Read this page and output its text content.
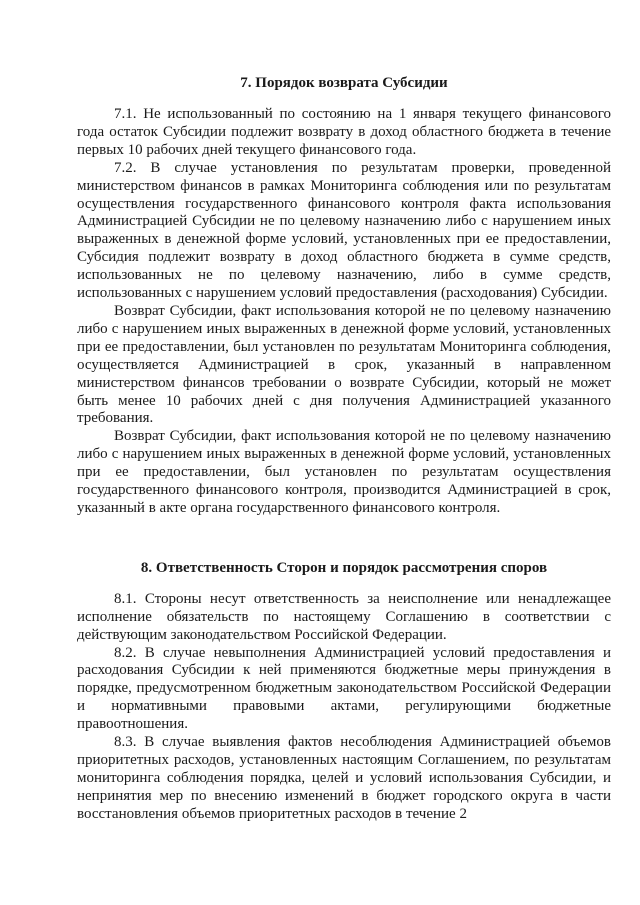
7. Порядок возврата Субсидии

7.1. Не использованный по состоянию на 1 января текущего финансового года остаток Субсидии подлежит возврату в доход областного бюджета в течение первых 10 рабочих дней текущего финансового года.

7.2. В случае установления по результатам проверки, проведенной министерством финансов в рамках Мониторинга соблюдения или по результатам осуществления государственного финансового контроля факта использования Администрацией Субсидии не по целевому назначению либо с нарушением иных выраженных в денежной форме условий, установленных при ее предоставлении, Субсидия подлежит возврату в доход областного бюджета в сумме средств, использованных не по целевому назначению, либо в сумме средств, использованных с нарушением условий предоставления (расходования) Субсидии.

Возврат Субсидии, факт использования которой не по целевому назначению либо с нарушением иных выраженных в денежной форме условий, установленных при ее предоставлении, был установлен по результатам Мониторинга соблюдения, осуществляется Администрацией в срок, указанный в направленном министерством финансов требовании о возврате Субсидии, который не может быть менее 10 рабочих дней с дня получения Администрацией указанного требования.

Возврат Субсидии, факт использования которой не по целевому назначению либо с нарушением иных выраженных в денежной форме условий, установленных при ее предоставлении, был установлен по результатам осуществления государственного финансового контроля, производится Администрацией в срок, указанный в акте органа государственного финансового контроля.

8. Ответственность Сторон и порядок рассмотрения споров

8.1. Стороны несут ответственность за неисполнение или ненадлежащее исполнение обязательств по настоящему Соглашению в соответствии с действующим законодательством Российской Федерации.

8.2. В случае невыполнения Администрацией условий предоставления и расходования Субсидии к ней применяются бюджетные меры принуждения в порядке, предусмотренном бюджетным законодательством Российской Федерации и нормативными правовыми актами, регулирующими бюджетные правоотношения.

8.3. В случае выявления фактов несоблюдения Администрацией объемов приоритетных расходов, установленных настоящим Соглашением, по результатам мониторинга соблюдения порядка, целей и условий использования Субсидии, и непринятия мер по внесению изменений в бюджет городского округа в части восстановления объемов приоритетных расходов в течение 2
